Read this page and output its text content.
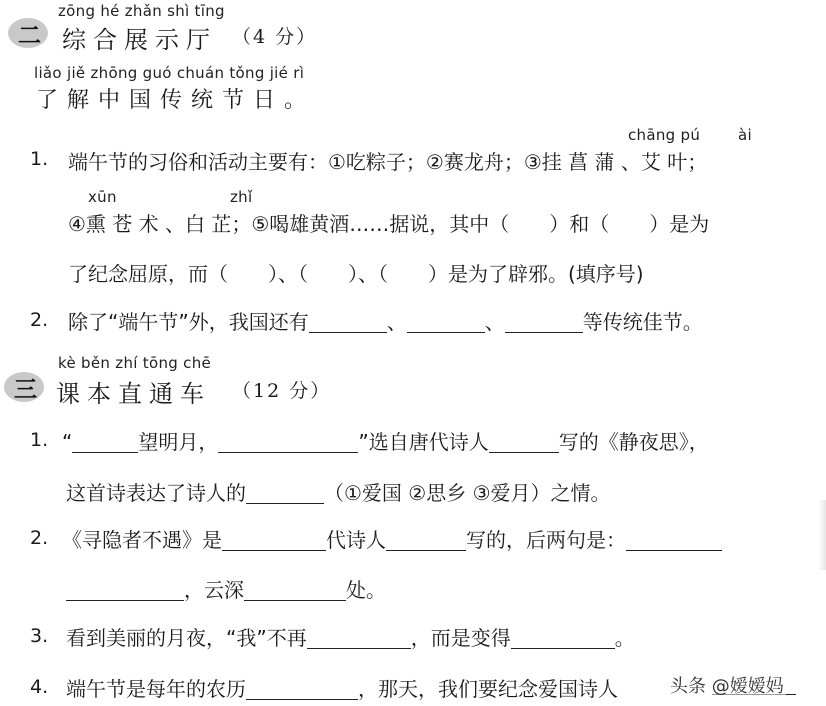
二
zōng hé zhǎn shì tīng
综合展示厅 （4 分）
liǎo jiě zhōng guó chuán tǒng jié rì
了解中国传统节日。
1.
chāng pú	ài
端午节的习俗和活动主要有：①吃粽子；②赛龙舟；③挂 菖 蒲 、艾 叶；
xūn	zhǐ
④熏 苍 术 、白 芷；⑤喝雄黄酒……据说，其中（ ）和（ ）是为
了纪念屈原，而（ ）、（ ）、（ ）是为了辟邪。(填序号)
2. 除了“端午节”外，我国还有	、	、	等传统佳节。
三
kè běn zhí tōng chē
课本直通车 （12 分）
1. “	望明月，	”选自唐代诗人	写的《静夜思》，
这首诗表达了诗人的	（①爱国 ②思乡 ③爱月）之情。
2. 《寻隐者不遇》是	代诗人	写的，后两句是：
，云深	处。
3. 看到美丽的月夜，“我”不再	，而是变得	。
4. 端午节是每年的农历	，那天，我们要纪念爱国诗人	头条 @嫒嫒妈
